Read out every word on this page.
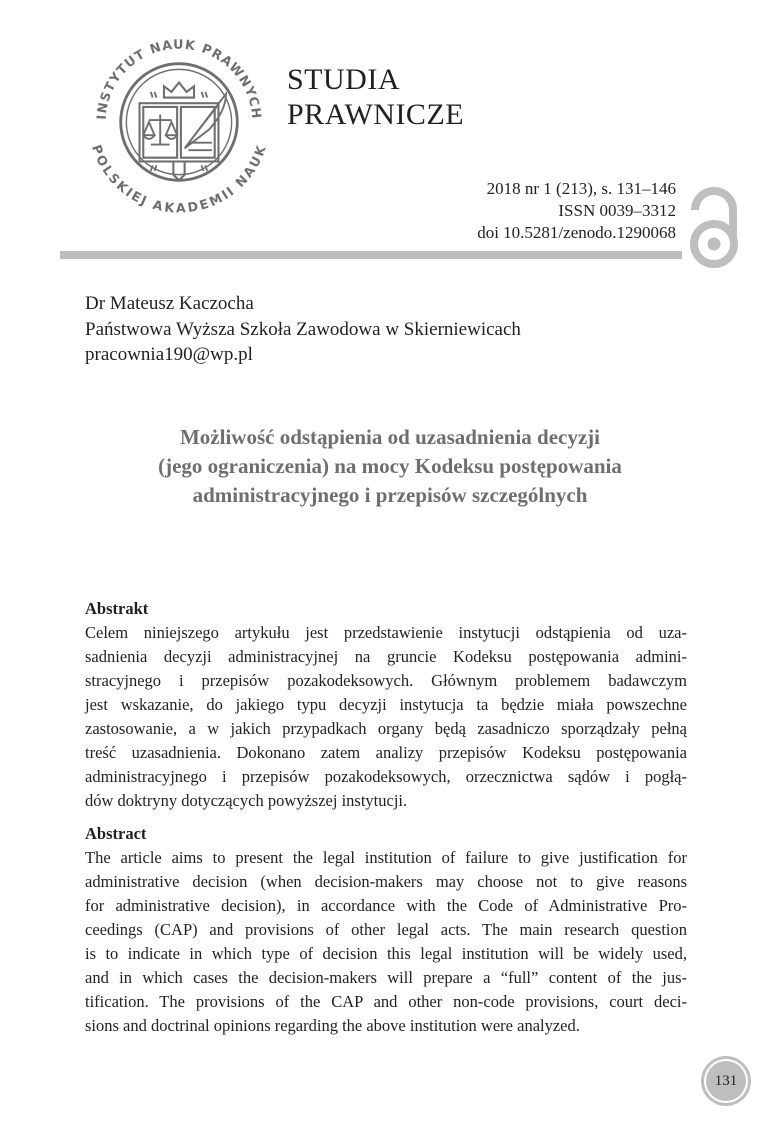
INSTYTUT NAUK PRAWNYCH
POLSKIEJ AKADEMII NAUK
STUDIA
PRAWNICZE
2018 nr 1 (213), s. 131–146
ISSN 0039–3312
doi 10.5281/zenodo.1290068
Dr Mateusz Kaczocha
Państwowa Wyższa Szkoła Zawodowa w Skierniewicach
pracownia190@wp.pl
Możliwość odstąpienia od uzasadnienia decyzji
(jego ograniczenia) na mocy Kodeksu postępowania
administracyjnego i przepisów szczególnych
Abstrakt
Celem niniejszego artykułu jest przedstawienie instytucji odstąpienia od uza-
sadnienia decyzji administracyjnej na gruncie Kodeksu postępowania admini-
stracyjnego i przepisów pozakodeksowych. Głównym problemem badawczym
jest wskazanie, do jakiego typu decyzji instytucja ta będzie miała powszechne
zastosowanie, a w jakich przypadkach organy będą zasadniczo sporządzały pełną
treść uzasadnienia. Dokonano zatem analizy przepisów Kodeksu postępowania
administracyjnego i przepisów pozakodeksowych, orzecznictwa sądów i pogłą-
dów doktryny dotyczących powyższej instytucji.
Abstract
The article aims to present the legal institution of failure to give justification for
administrative decision (when decision-makers may choose not to give reasons
for administrative decision), in accordance with the Code of Administrative Pro-
ceedings (CAP) and provisions of other legal acts. The main research question
is to indicate in which type of decision this legal institution will be widely used,
and in which cases the decision-makers will prepare a “full” content of the jus-
tification. The provisions of the CAP and other non-code provisions, court deci-
sions and doctrinal opinions regarding the above institution were analyzed.
131
